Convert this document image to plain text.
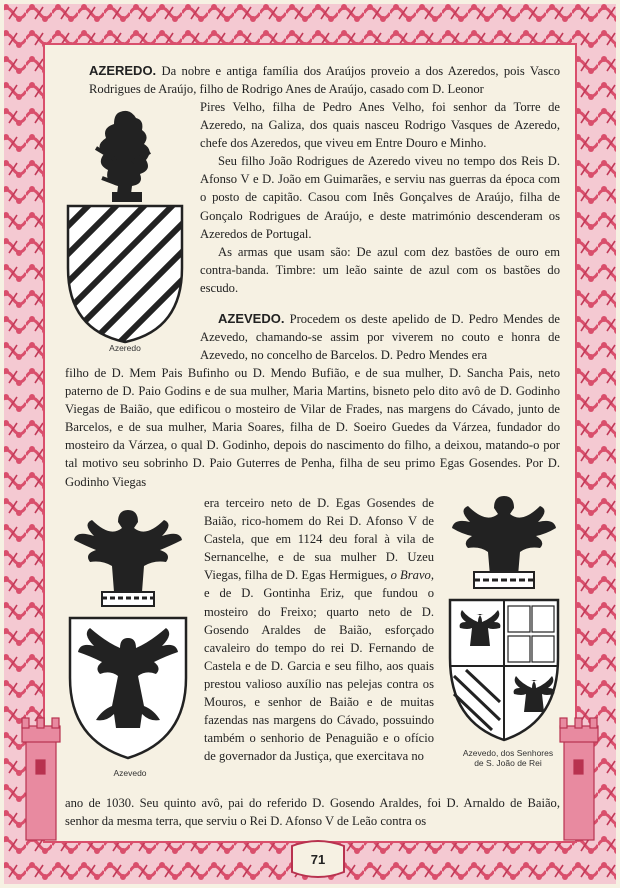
71
Azeredo

AZEREDO. Da nobre e antiga família dos Araújos proveio a dos Azeredos, pois Vasco Rodrigues de Araújo, filho de Rodrigo Anes de Araújo, casado com D. Leonor

Pires Velho, filha de Pedro Anes Velho, foi senhor da Torre de Azeredo, na Galiza, dos quais nasceu Rodrigo Vasques de Azeredo, chefe dos Azeredos, que viveu em Entre Douro e Minho.

Seu filho João Rodrigues de Azeredo viveu no tempo dos Reis D. Afonso V e D. João em Guimarães, e serviu nas guerras da época com o posto de capitão. Casou com Inês Gonçalves de Araújo, filha de Gonçalo Rodrigues de Araújo, e deste matrimónio descenderam os Azeredos de Portugal.

As armas que usam são: De azul com dez bastões de ouro em contra-banda. Timbre: um leão sainte de azul com os bastões do escudo.

AZEVEDO. Procedem os deste apelido de D. Pedro Mendes de Azevedo, chamando-se assim por viverem no couto e honra de Azevedo, no concelho de Barcelos. D. Pedro Mendes era

filho de D. Mem Pais Bufinho ou D. Mendo Bufião, e de sua mulher, D. Sancha Pais, neto paterno de D. Paio Godins e de sua mulher, Maria Martins, bisneto pelo dito avô de D. Godinho Viegas de Baião, que edificou o mosteiro de Vilar de Frades, nas margens do Cávado, junto de Barcelos, e de sua mulher, Maria Soares, filha de D. Soeiro Guedes da Várzea, fundador do mosteiro da Várzea, o qual D. Godinho, depois do nascimento do filho, a deixou, matando-o por tal motivo seu sobrinho D. Paio Guterres de Penha, filha de seu primo Egas Gosendes. Por D. Godinho Viegas

Azevedo

era terceiro neto de D. Egas Gosendes de Baião, rico-homem do Rei D. Afonso V de Castela, que em 1124 deu foral à vila de Sernancelhe, e de sua mulher D. Uzeu Viegas, filha de D. Egas Hermigues, o Bravo, e de D. Gontinha Eriz, que fundou o mosteiro do Freixo; quarto neto de D. Gosendo Araldes de Baião, esforçado cavaleiro do tempo do rei D. Fernando de Castela e de D. Garcia e seu filho, aos quais prestou valioso auxílio nas pelejas contra os Mouros, e senhor de Baião e de muitas fazendas nas margens do Cávado, possuindo também o senhorio de Penaguião e o ofício de governador da Justiça, que exercitava no	Azevedo, dos Senhores
de S. João de Rei

ano de 1030. Seu quinto avô, pai do referido D. Gosendo Araldes, foi D. Arnaldo de Baião, senhor da mesma terra, que serviu o Rei D. Afonso V de Leão contra os
